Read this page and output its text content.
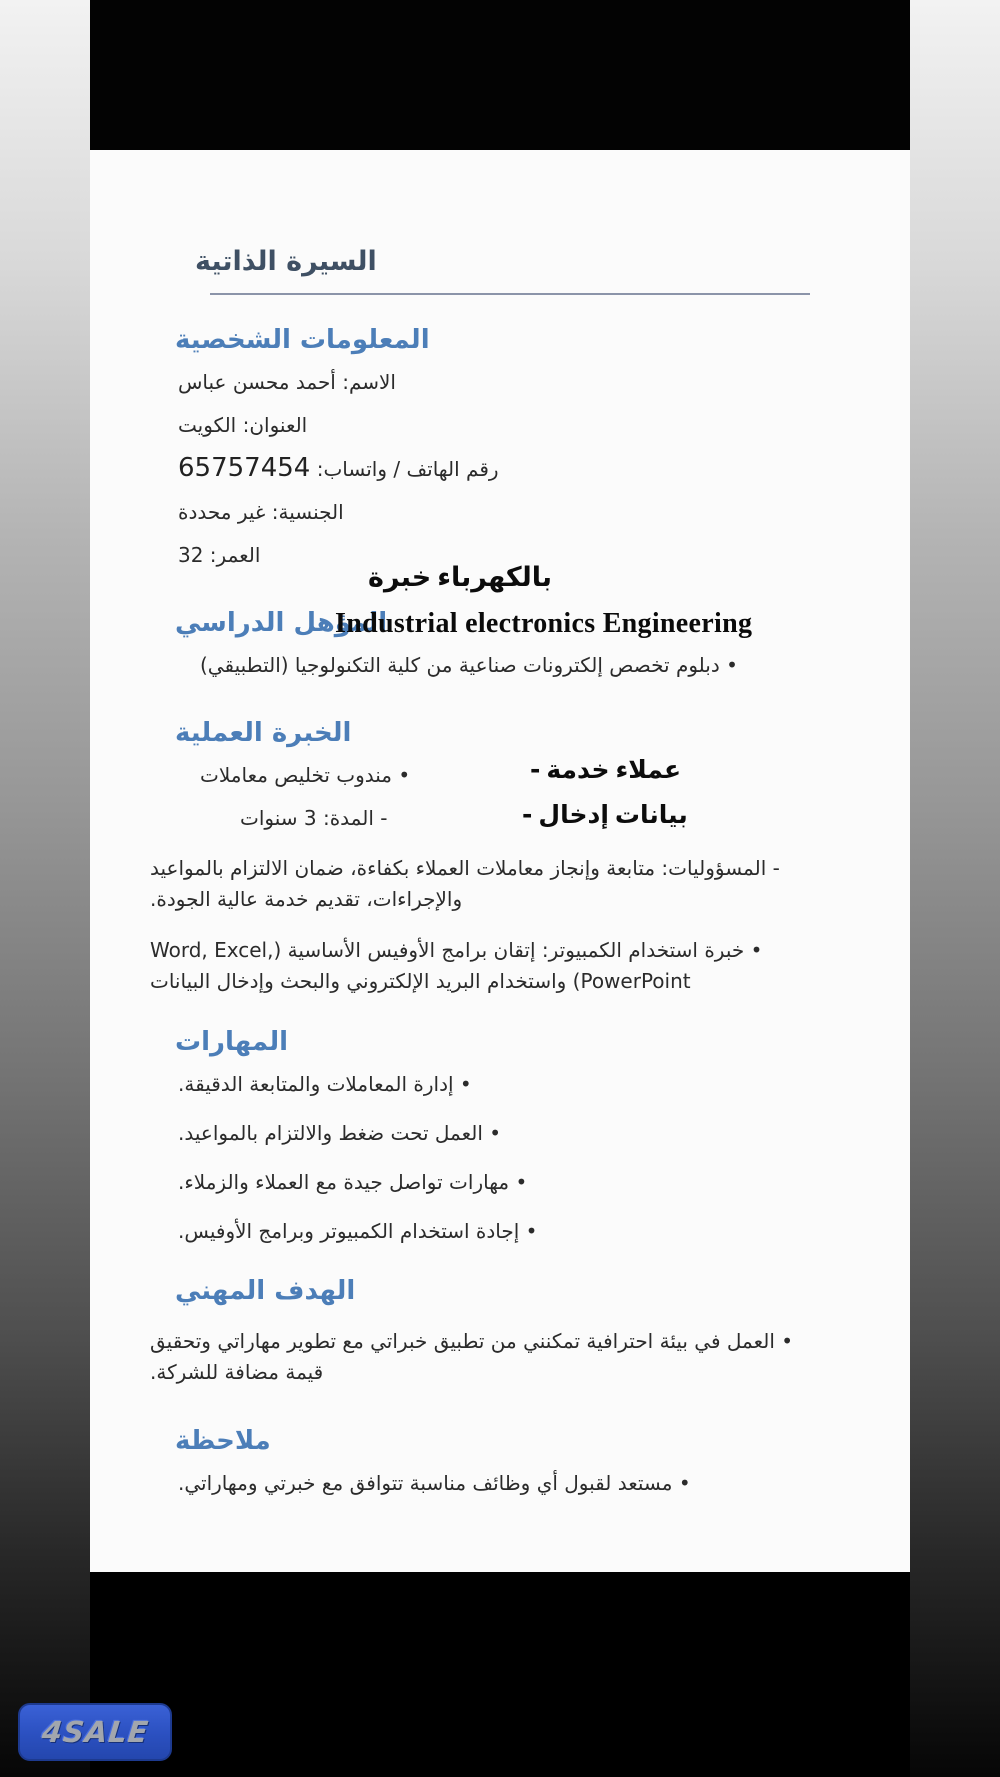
السيرة الذاتية
المعلومات الشخصية
الاسم: أحمد محسن عباس
العنوان: الكويت
رقم الهاتف / واتساب: 65757454
الجنسية: غير محددة
العمر: 32
المؤهل الدراسي
• دبلوم تخصص إلكترونات صناعية من كلية التكنولوجيا (التطبيقي)
الخبرة العملية
• مندوب تخليص معاملات
- المدة: 3 سنوات
- المسؤوليات: متابعة وإنجاز معاملات العملاء بكفاءة، ضمان الالتزام بالمواعيد والإجراءات، تقديم خدمة عالية الجودة.
• خبرة استخدام الكمبيوتر: إتقان برامج الأوفيس الأساسية (Word, Excel, PowerPoint) واستخدام البريد الإلكتروني والبحث وإدخال البيانات
المهارات
• إدارة المعاملات والمتابعة الدقيقة.
• العمل تحت ضغط والالتزام بالمواعيد.
• مهارات تواصل جيدة مع العملاء والزملاء.
• إجادة استخدام الكمبيوتر وبرامج الأوفيس.
الهدف المهني
• العمل في بيئة احترافية تمكنني من تطبيق خبراتي مع تطوير مهاراتي وتحقيق قيمة مضافة للشركة.
ملاحظة
• مستعد لقبول أي وظائف مناسبة تتوافق مع خبرتي ومهاراتي.
خبرة بالكهرباء
Industrial electronics Engineering
- خدمة عملاء
- إدخال بيانات
4SALE
